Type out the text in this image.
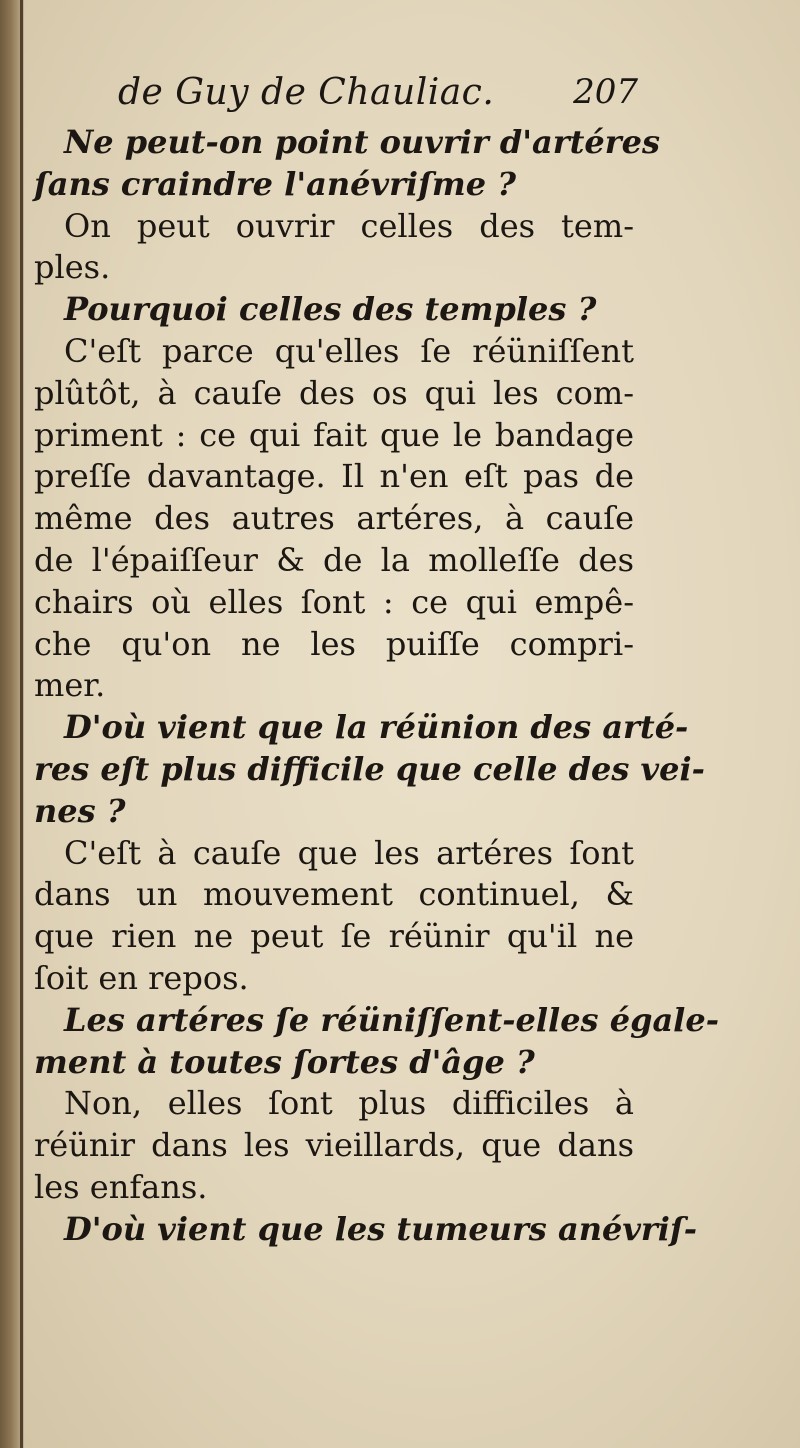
de Guy de Chauliac. 207
Ne peut-on point ouvrir d'artéres
ſans craindre l'anévriſme ?
On peut ouvrir celles des tem-
ples.
Pourquoi celles des temples ?
C'eſt parce qu'elles ſe réüniſſent
plûtôt, à cauſe des os qui les com-
priment : ce qui fait que le bandage
preſſe davantage. Il n'en eſt pas de
même des autres artéres, à cauſe
de l'épaiſſeur & de la molleſſe des
chairs où elles ſont : ce qui empê-
che qu'on ne les puiſſe compri-
mer.
D'où vient que la réünion des arté-
res eſt plus difficile que celle des vei-
nes ?
C'eſt à cauſe que les artéres ſont
dans un mouvement continuel, &
que rien ne peut ſe réünir qu'il ne
ſoit en repos.
Les artéres ſe réüniſſent-elles égale-
ment à toutes ſortes d'âge ?
Non, elles ſont plus difficiles à
réünir dans les vieillards, que dans
les enfans.
D'où vient que les tumeurs anévriſ-
